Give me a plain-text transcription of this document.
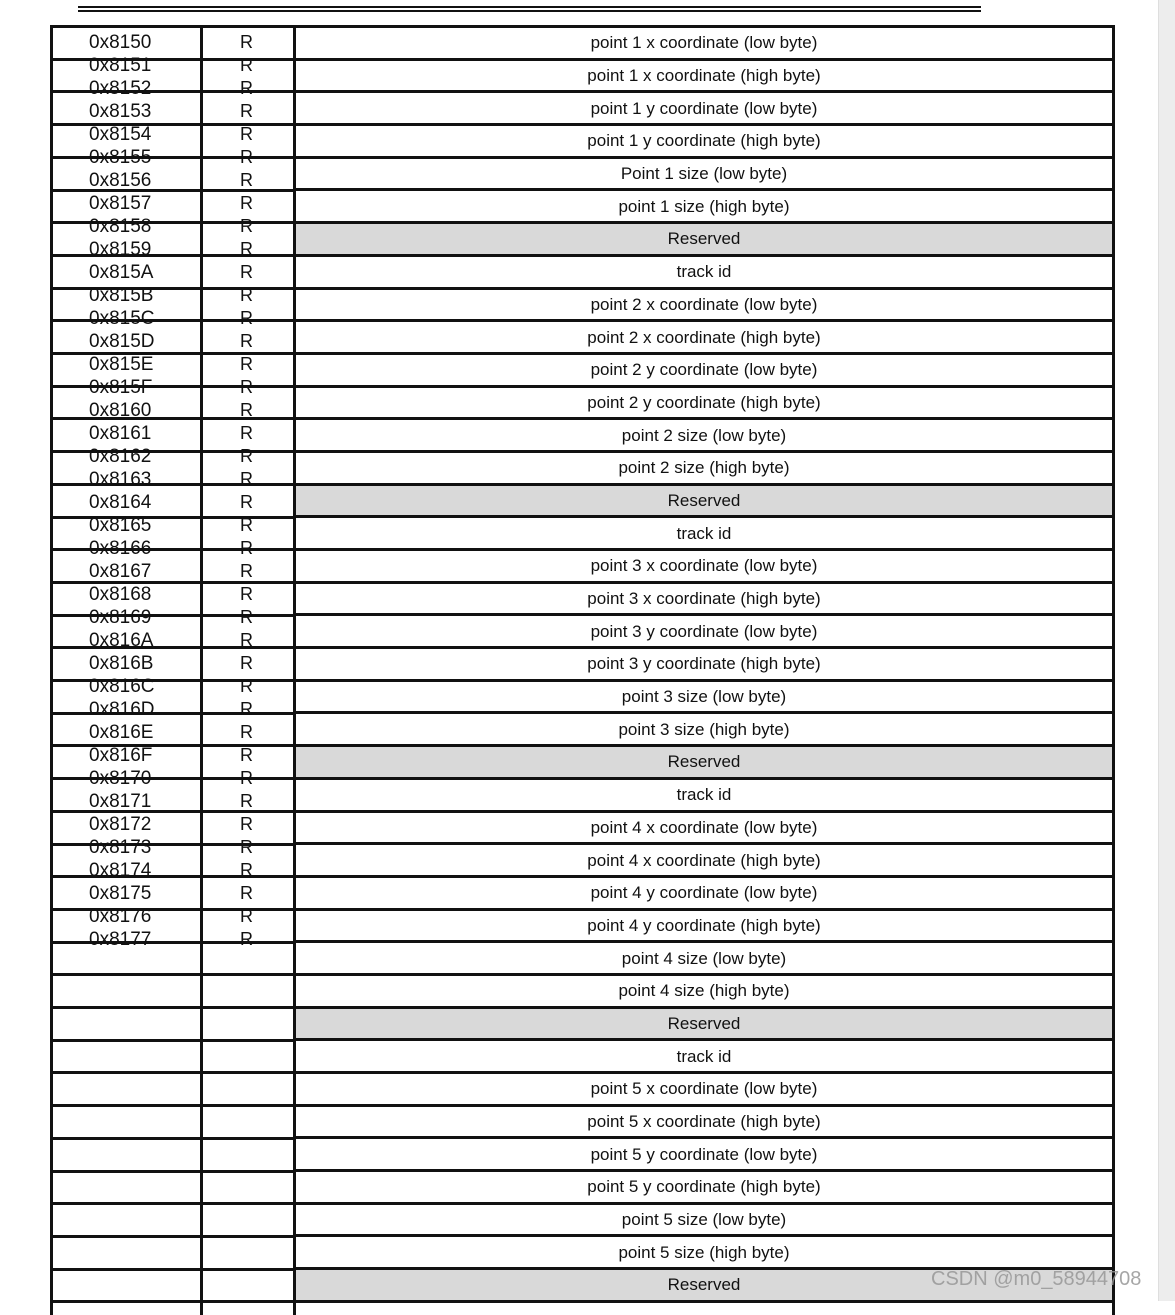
point 1 x coordinate (low byte)
point 1 x coordinate (high byte)
point 1 y coordinate (low byte)
point 1 y coordinate (high byte)
Point 1 size (low byte)
point 1 size (high byte)
Reserved
track id
point 2 x coordinate (low byte)
point 2 x coordinate (high byte)
point 2 y coordinate (low byte)
point 2 y coordinate (high byte)
point 2 size (low byte)
point 2 size (high byte)
Reserved
track id
point 3 x coordinate (low byte)
point 3 x coordinate (high byte)
point 3 y coordinate (low byte)
point 3 y coordinate (high byte)
point 3 size (low byte)
point 3 size (high byte)
Reserved
track id
point 4 x coordinate (low byte)
point 4 x coordinate (high byte)
point 4 y coordinate (low byte)
point 4 y coordinate (high byte)
point 4 size (low byte)
point 4 size (high byte)
Reserved
track id
point 5 x coordinate (low byte)
point 5 x coordinate (high byte)
point 5 y coordinate (low byte)
point 5 y coordinate (high byte)
point 5 size (low byte)
point 5 size (high byte)
Reserved
0x8150
0x8151
0x8152
0x8153
0x8154
0x8155
0x8156
0x8157
0x8158
0x8159
0x815A
0x815B
0x815C
0x815D
0x815E
0x815F
0x8160
0x8161
0x8162
0x8163
0x8164
0x8165
0x8166
0x8167
0x8168
0x8169
0x816A
0x816B
0x816C
0x816D
0x816E
0x816F
0x8170
0x8171
0x8172
0x8173
0x8174
0x8175
0x8176
0x8177
R
R
R
R
R
R
R
R
R
R
R
R
R
R
R
R
R
R
R
R
R
R
R
R
R
R
R
R
R
R
R
R
R
R
R
R
R
R
R
R
CSDN @m0_58944708
